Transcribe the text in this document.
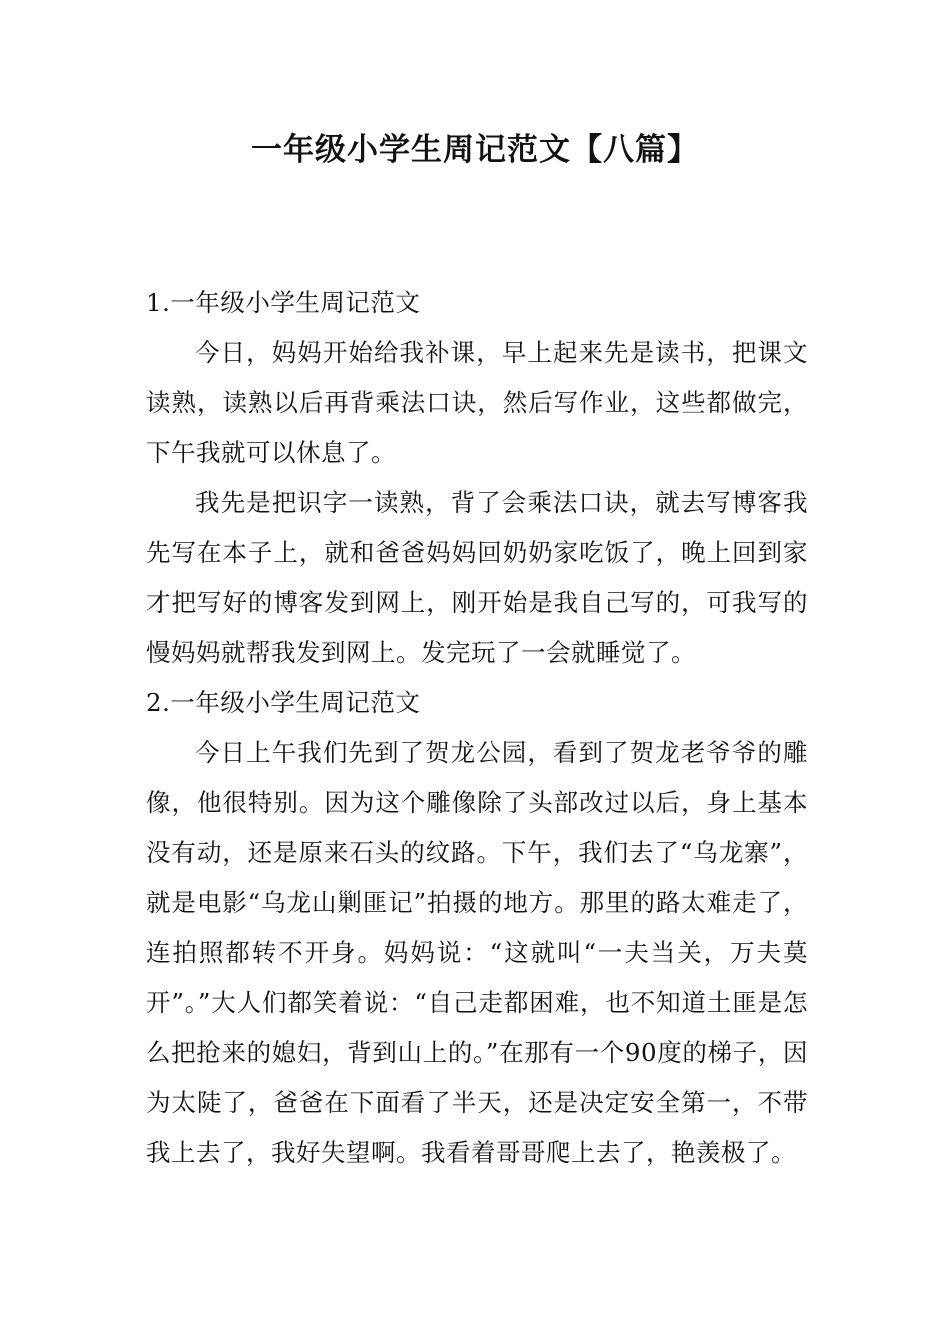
一年级小学生周记范文【八篇】
1.一年级小学生周记范文

今日，妈妈开始给我补课，早上起来先是读书，把课文读熟，读熟以后再背乘法口诀，然后写作业，这些都做完，下午我就可以休息了。

我先是把识字一读熟，背了会乘法口诀，就去写博客我先写在本子上，就和爸爸妈妈回奶奶家吃饭了，晚上回到家才把写好的博客发到网上，刚开始是我自己写的，可我写的慢妈妈就帮我发到网上。发完玩了一会就睡觉了。

2.一年级小学生周记范文

今日上午我们先到了贺龙公园，看到了贺龙老爷爷的雕像，他很特别。因为这个雕像除了头部改过以后，身上基本没有动，还是原来石头的纹路。下午，我们去了“乌龙寨”，就是电影“乌龙山剿匪记”拍摄的地方。那里的路太难走了，连拍照都转不开身。妈妈说：“这就叫“一夫当关，万夫莫开”。”大人们都笑着说：“自己走都困难，也不知道土匪是怎么把抢来的媳妇，背到山上的。”在那有一个90度的梯子，因为太陡了，爸爸在下面看了半天，还是决定安全第一，不带我上去了，我好失望啊。我看着哥哥爬上去了，艳羡极了。
